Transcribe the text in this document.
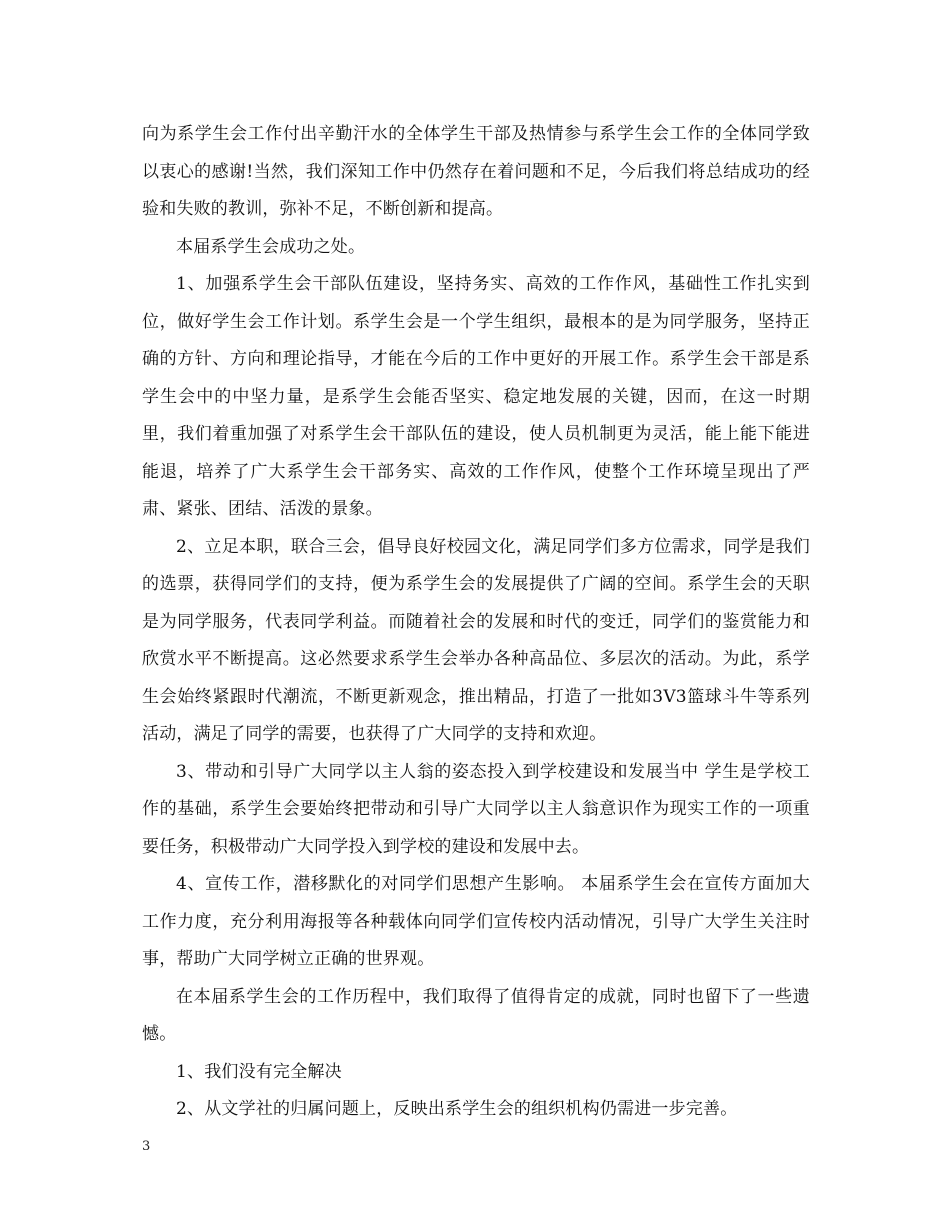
向为系学生会工作付出辛勤汗水的全体学生干部及热情参与系学生会工作的全体同学致以衷心的感谢!当然，我们深知工作中仍然存在着问题和不足，今后我们将总结成功的经验和失败的教训，弥补不足，不断创新和提高。

本届系学生会成功之处。

1、加强系学生会干部队伍建设，坚持务实、高效的工作作风，基础性工作扎实到位，做好学生会工作计划。系学生会是一个学生组织，最根本的是为同学服务，坚持正确的方针、方向和理论指导，才能在今后的工作中更好的开展工作。系学生会干部是系学生会中的中坚力量，是系学生会能否坚实、稳定地发展的关键，因而，在这一时期里，我们着重加强了对系学生会干部队伍的建设，使人员机制更为灵活，能上能下能进能退，培养了广大系学生会干部务实、高效的工作作风，使整个工作环境呈现出了严肃、紧张、团结、活泼的景象。

2、立足本职，联合三会，倡导良好校园文化，满足同学们多方位需求，同学是我们的选票，获得同学们的支持，便为系学生会的发展提供了广阔的空间。系学生会的天职是为同学服务，代表同学利益。而随着社会的发展和时代的变迁，同学们的鉴赏能力和欣赏水平不断提高。这必然要求系学生会举办各种高品位、多层次的活动。为此，系学生会始终紧跟时代潮流，不断更新观念，推出精品，打造了一批如3V3篮球斗牛等系列活动，满足了同学的需要，也获得了广大同学的支持和欢迎。

3、带动和引导广大同学以主人翁的姿态投入到学校建设和发展当中 学生是学校工作的基础，系学生会要始终把带动和引导广大同学以主人翁意识作为现实工作的一项重要任务，积极带动广大同学投入到学校的建设和发展中去。

4、宣传工作，潜移默化的对同学们思想产生影响。 本届系学生会在宣传方面加大工作力度，充分利用海报等各种载体向同学们宣传校内活动情况，引导广大学生关注时事，帮助广大同学树立正确的世界观。

在本届系学生会的工作历程中，我们取得了值得肯定的成就，同时也留下了一些遗憾。

1、我们没有完全解决

2、从文学社的归属问题上，反映出系学生会的组织机构仍需进一步完善。

3
